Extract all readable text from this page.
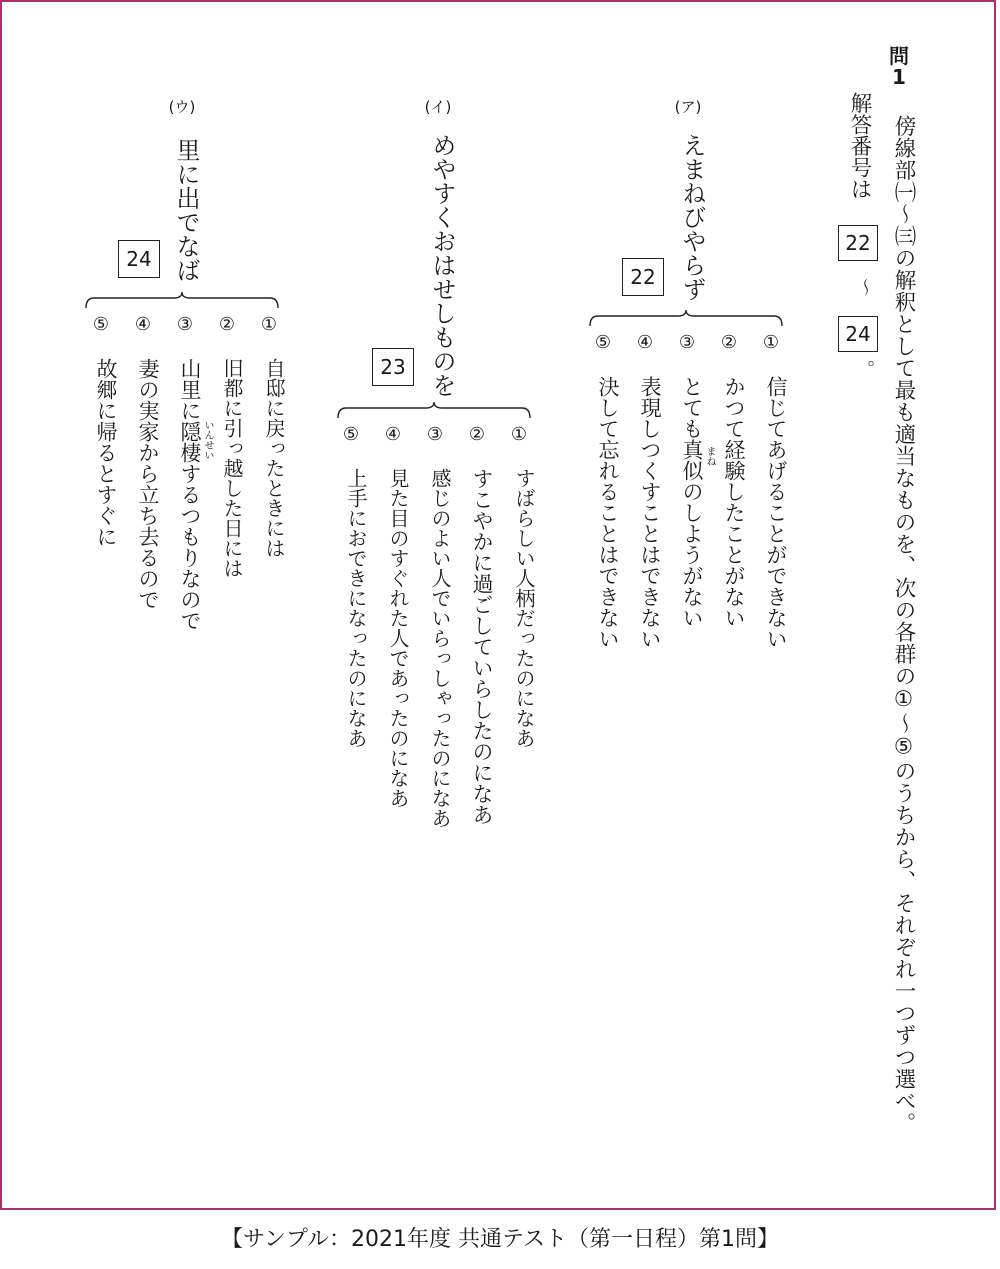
問
1
傍線部㈠～㈢の解釈として最も適当なものを、次の各群の①～⑤のうちから、それぞれ一つずつ選べ。
解答番号は
22
～
24
。
(ア)
えまねびやらず
22
①
信じてあげることができない
②
かつて経験したことがない
③
とても真似のしようがない まね
④
表現しつくすことはできない
⑤
決して忘れることはできない
(イ)
めやすくおはせしものを
23
①
すばらしい人柄だったのになあ
②
すこやかに過ごしていらしたのになあ
③
感じのよい人でいらっしゃったのになあ
④
見た目のすぐれた人であったのになあ
⑤
上手におできになったのになあ
(ウ)
里に出でなば
24
①
自邸に戻ったときには
②
旧都に引っ越した日には
③
山里に隠棲するつもりなので いんせい
④
妻の実家から立ち去るので
⑤
故郷に帰るとすぐに
【サンプル：2021年度 共通テスト（第一日程）第1問】
